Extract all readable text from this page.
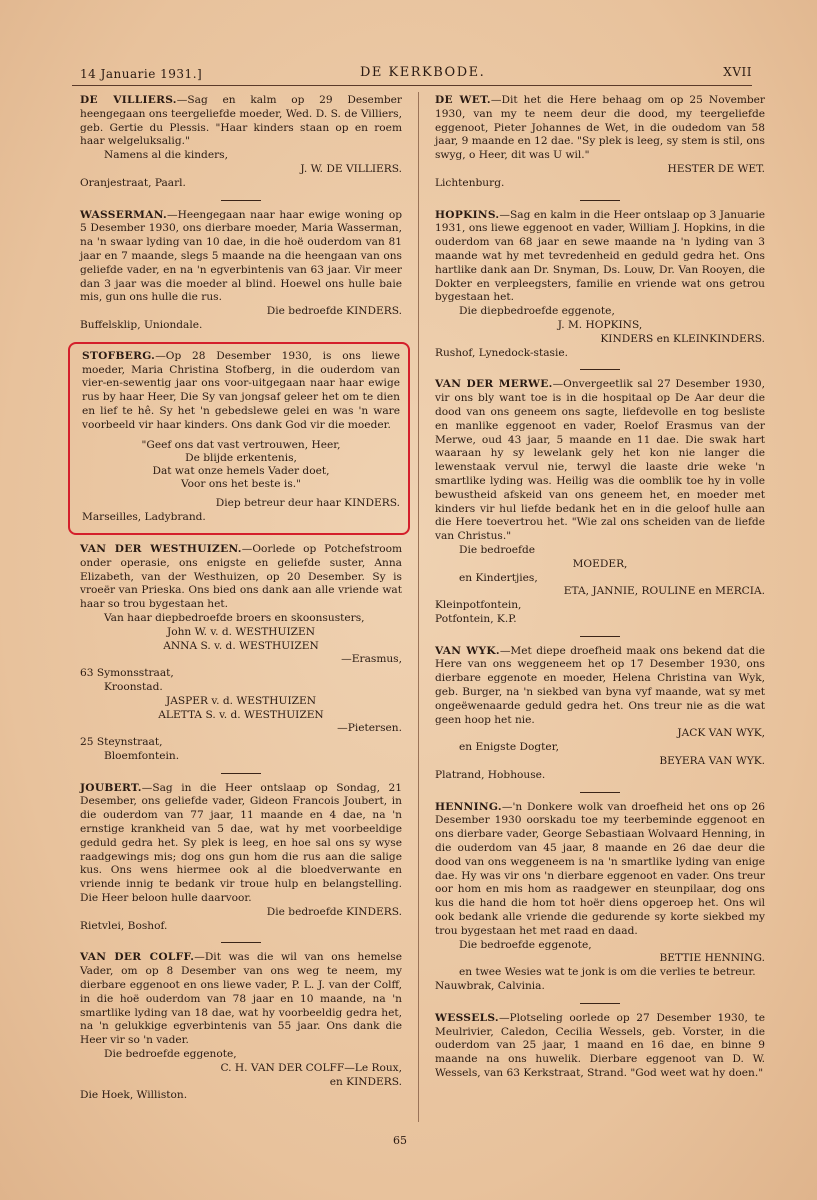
14 Januarie 1931.]	DE KERKBODE.	XVII

DE VILLIERS.—Sag en kalm op 29 Desember heengegaan ons teergeliefde moeder, Wed. D. S. de Villiers, geb. Gertie du Plessis. "Haar kinders staan op en roem haar welgeluksalig."

Namens al die kinders,

J. W. DE VILLIERS.

Oranjestraat, Paarl.

WASSERMAN.—Heengegaan naar haar ewige woning op 5 Desember 1930, ons dierbare moeder, Maria Wasserman, na 'n swaar lyding van 10 dae, in die hoë ouderdom van 81 jaar en 7 maande, slegs 5 maande na die heengaan van ons geliefde vader, en na 'n egverbintenis van 63 jaar. Vir meer dan 3 jaar was die moeder al blind. Hoewel ons hulle baie mis, gun ons hulle die rus.

Die bedroefde KINDERS.

Buffelsklip, Uniondale.

STOFBERG.—Op 28 Desember 1930, is ons liewe moeder, Maria Christina Stofberg, in die ouderdom van vier-en-sewentig jaar ons voor-uitgegaan naar haar ewige rus by haar Heer, Die Sy van jongsaf geleer het om te dien en lief te hê. Sy het 'n gebedslewe gelei en was 'n ware voorbeeld vir haar kinders. Ons dank God vir die moeder.

"Geef ons dat vast vertrouwen, Heer,
De blijde erkentenis,
Dat wat onze hemels Vader doet,
Voor ons het beste is."

Diep betreur deur haar KINDERS.

Marseilles, Ladybrand.

VAN DER WESTHUIZEN.—Oorlede op Potchefstroom onder operasie, ons enigste en geliefde suster, Anna Elizabeth, van der Westhuizen, op 20 Desember. Sy is vroeër van Prieska. Ons bied ons dank aan alle vriende wat haar so trou bygestaan het.

Van haar diepbedroefde broers en skoonsusters,

John W. v. d. WESTHUIZEN

ANNA S. v. d. WESTHUIZEN

—Erasmus,

63 Symonsstraat,

Kroonstad.

JASPER v. d. WESTHUIZEN

ALETTA S. v. d. WESTHUIZEN

—Pietersen.

25 Steynstraat,

Bloemfontein.

JOUBERT.—Sag in die Heer ontslaap op Sondag, 21 Desember, ons geliefde vader, Gideon Francois Joubert, in die ouderdom van 77 jaar, 11 maande en 4 dae, na 'n ernstige krankheid van 5 dae, wat hy met voorbeeldige geduld gedra het. Sy plek is leeg, en hoe sal ons sy wyse raadgewings mis; dog ons gun hom die rus aan die salige kus. Ons wens hiermee ook al die bloedverwante en vriende innig te bedank vir troue hulp en belangstelling. Die Heer beloon hulle daarvoor.

Die bedroefde KINDERS.

Rietvlei, Boshof.

VAN DER COLFF.—Dit was die wil van ons hemelse Vader, om op 8 Desember van ons weg te neem, my dierbare eggenoot en ons liewe vader, P. L. J. van der Colff, in die hoë ouderdom van 78 jaar en 10 maande, na 'n smartlike lyding van 18 dae, wat hy voorbeeldig gedra het, na 'n gelukkige egverbintenis van 55 jaar. Ons dank die Heer vir so 'n vader.

Die bedroefde eggenote,

C. H. VAN DER COLFF—Le Roux,

en KINDERS.

Die Hoek, Williston.

DE WET.—Dit het die Here behaag om op 25 November 1930, van my te neem deur die dood, my teergeliefde eggenoot, Pieter Johannes de Wet, in die oudedom van 58 jaar, 9 maande en 12 dae. "Sy plek is leeg, sy stem is stil, ons swyg, o Heer, dit was U wil."

HESTER DE WET.

Lichtenburg.

HOPKINS.—Sag en kalm in die Heer ontslaap op 3 Januarie 1931, ons liewe eggenoot en vader, William J. Hopkins, in die ouderdom van 68 jaar en sewe maande na 'n lyding van 3 maande wat hy met tevredenheid en geduld gedra het. Ons hartlike dank aan Dr. Snyman, Ds. Louw, Dr. Van Rooyen, die Dokter en verpleegsters, familie en vriende wat ons getrou bygestaan het.

Die diepbedroefde eggenote,

J. M. HOPKINS,

KINDERS en KLEINKINDERS.

Rushof, Lynedock-stasie.

VAN DER MERWE.—Onvergeetlik sal 27 Desember 1930, vir ons bly want toe is in die hospitaal op De Aar deur die dood van ons geneem ons sagte, liefdevolle en tog besliste en manlike eggenoot en vader, Roelof Erasmus van der Merwe, oud 43 jaar, 5 maande en 11 dae. Die swak hart waaraan hy sy lewelank gely het kon nie langer die lewenstaak vervul nie, terwyl die laaste drie weke 'n smartlike lyding was. Heilig was die oomblik toe hy in volle bewustheid afskeid van ons geneem het, en moeder met kinders vir hul liefde bedank het en in die geloof hulle aan die Here toevertrou het. "Wie zal ons scheiden van de liefde van Christus."

Die bedroefde

MOEDER,

en Kindertjies,

ETA, JANNIE, ROULINE en MERCIA.

Kleinpotfontein,

Potfontein, K.P.

VAN WYK.—Met diepe droefheid maak ons bekend dat die Here van ons weggeneem het op 17 Desember 1930, ons dierbare eggenote en moeder, Helena Christina van Wyk, geb. Burger, na 'n siekbed van byna vyf maande, wat sy met ongeëwenaarde geduld gedra het. Ons treur nie as die wat geen hoop het nie.

JACK VAN WYK,

en Enigste Dogter,

BEYERA VAN WYK.

Platrand, Hobhouse.

HENNING.—'n Donkere wolk van droefheid het ons op 26 Desember 1930 oorskadu toe my teerbeminde eggenoot en ons dierbare vader, George Sebastiaan Wolvaard Henning, in die ouderdom van 45 jaar, 8 maande en 26 dae deur die dood van ons weggeneem is na 'n smartlike lyding van enige dae. Hy was vir ons 'n dierbare eggenoot en vader. Ons treur oor hom en mis hom as raadgewer en steunpilaar, dog ons kus die hand die hom tot hoër diens opgeroep het. Ons wil ook bedank alle vriende die gedurende sy korte siekbed my trou bygestaan het met raad en daad.

Die bedroefde eggenote,

BETTIE HENNING.

en twee Wesies wat te jonk is om die verlies te betreur.

Nauwbrak, Calvinia.

WESSELS.—Plotseling oorlede op 27 Desember 1930, te Meulrivier, Caledon, Cecilia Wessels, geb. Vorster, in die ouderdom van 25 jaar, 1 maand en 16 dae, en binne 9 maande na ons huwelik. Dierbare eggenoot van D. W. Wessels, van 63 Kerkstraat, Strand. "God weet wat hy doen."

65
